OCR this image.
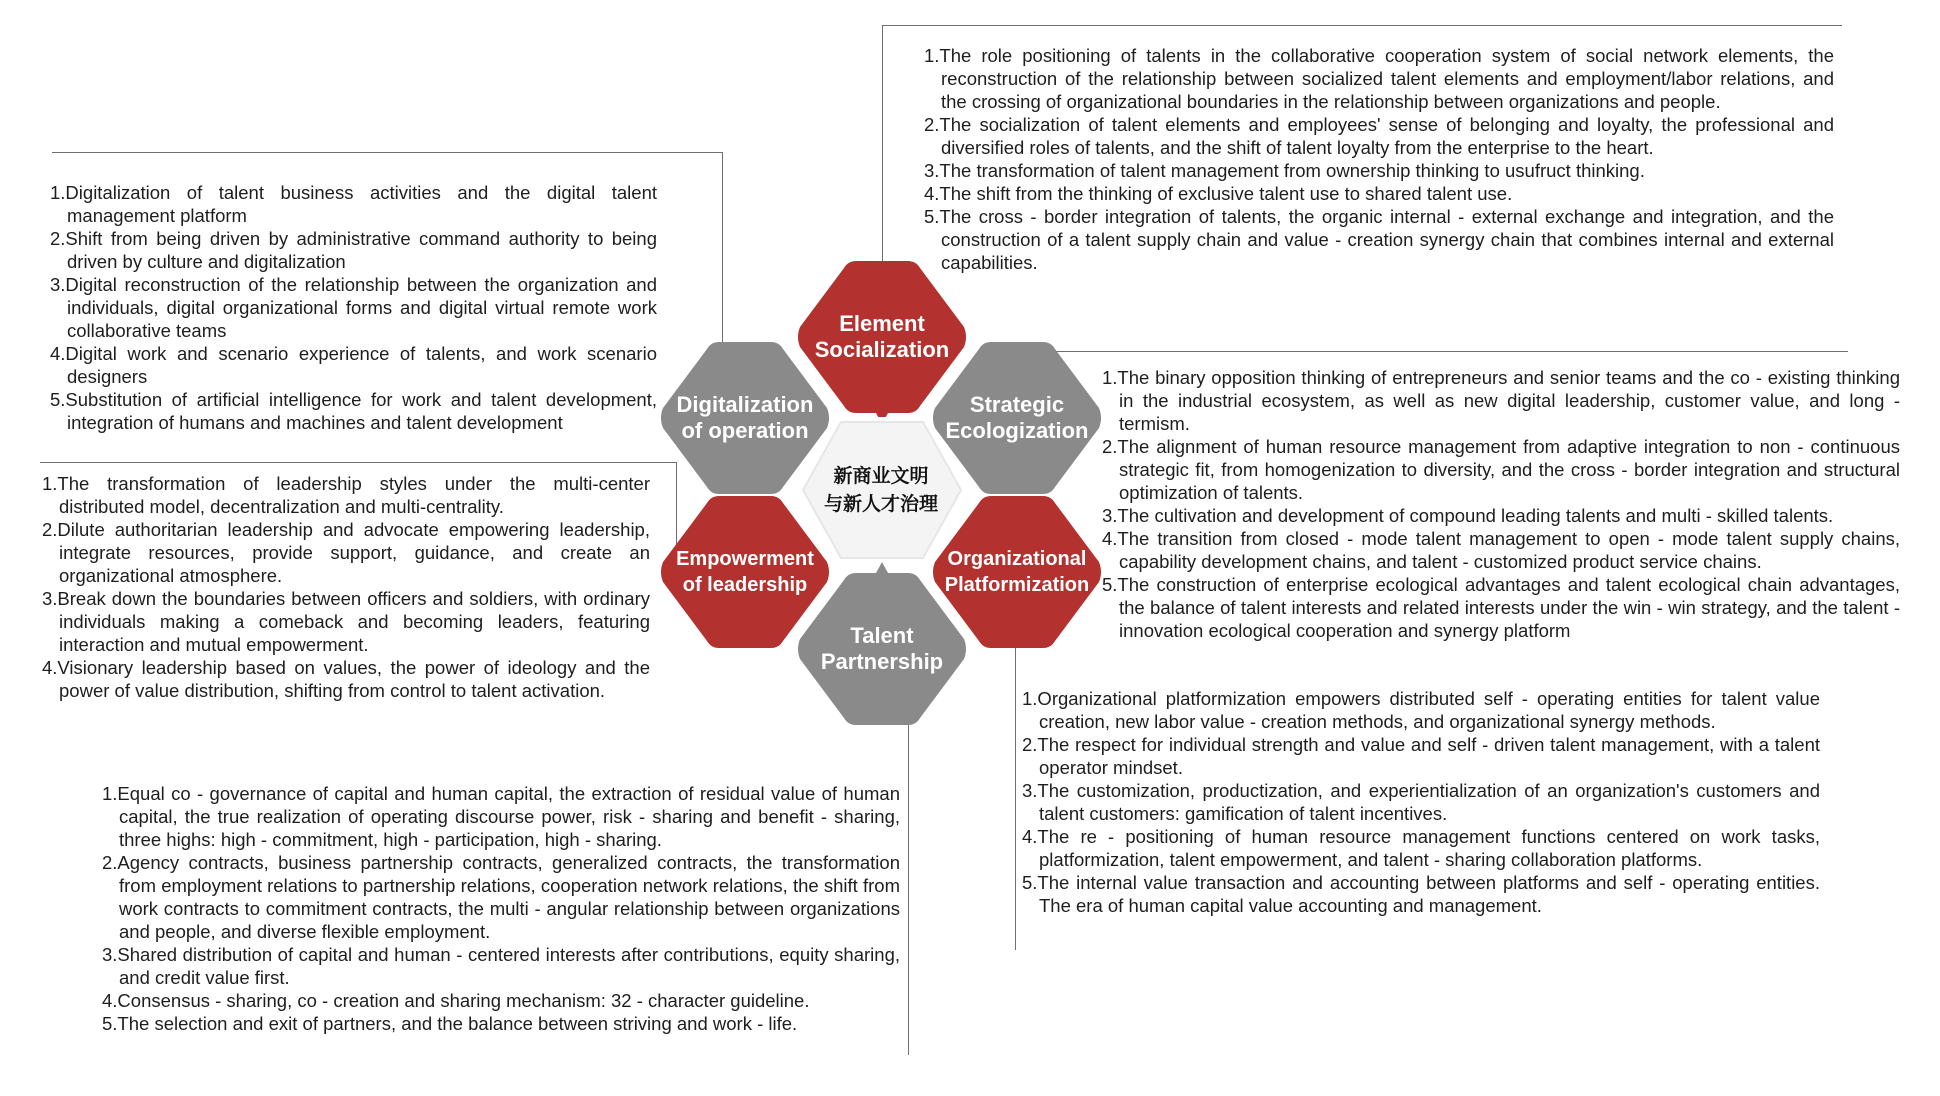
1.The role positioning of talents in the collaborative cooperation system of social network elements, the reconstruction of the relationship between socialized talent elements and employment/labor relations, and the crossing of organizational boundaries in the relationship between organizations and people.
2.The socialization of talent elements and employees' sense of belonging and loyalty, the professional and diversified roles of talents, and the shift of talent loyalty from the enterprise to the heart.
3.The transformation of talent management from ownership thinking to usufruct thinking.
4.The shift from the thinking of exclusive talent use to shared talent use.
5.The cross - border integration of talents, the organic internal - external exchange and integration, and the construction of a talent supply chain and value - creation synergy chain that combines internal and external capabilities.
1.Digitalization of talent business activities and the digital talent management platform
2.Shift from being driven by administrative command authority to being driven by culture and digitalization
3.Digital reconstruction of the relationship between the organization and individuals, digital organizational forms and digital virtual remote work collaborative teams
4.Digital work and scenario experience of talents, and work scenario designers
5.Substitution of artificial intelligence for work and talent development, integration of humans and machines and talent development
1.The binary opposition thinking of entrepreneurs and senior teams and the co - existing thinking in the industrial ecosystem, as well as new digital leadership, customer value, and long - termism.
2.The alignment of human resource management from adaptive integration to non - continuous strategic fit, from homogenization to diversity, and the cross - border integration and structural optimization of talents.
3.The cultivation and development of compound leading talents and multi - skilled talents.
4.The transition from closed - mode talent management to open - mode talent supply chains, capability development chains, and talent - customized product service chains.
5.The construction of enterprise ecological advantages and talent ecological chain advantages, the balance of talent interests and related interests under the win - win strategy, and the talent - innovation ecological cooperation and synergy platform
1.The transformation of leadership styles under the multi-center distributed model, decentralization and multi-centrality.
2.Dilute authoritarian leadership and advocate empowering leadership, integrate resources, provide support, guidance, and create an organizational atmosphere.
3.Break down the boundaries between officers and soldiers, with ordinary individuals making a comeback and becoming leaders, featuring interaction and mutual empowerment.
4.Visionary leadership based on values, the power of ideology and the power of value distribution, shifting from control to talent activation.	1.Organizational platformization empowers distributed self - operating entities for talent value creation, new labor value - creation methods, and organizational synergy methods.
2.The respect for individual strength and value and self - driven talent management, with a talent operator mindset.
3.The customization, productization, and experientialization of an organization's customers and talent customers: gamification of talent incentives.
4.The re - positioning of human resource management functions centered on work tasks, platformization, talent empowerment, and talent - sharing collaboration platforms.
5.The internal value transaction and accounting between platforms and self - operating entities. The era of human capital value accounting and management.
1.Equal co - governance of capital and human capital, the extraction of residual value of human capital, the true realization of operating discourse power, risk - sharing and benefit - sharing, three highs: high - commitment, high - participation, high - sharing.
2.Agency contracts, business partnership contracts, generalized contracts, the transformation from employment relations to partnership relations, cooperation network relations, the shift from work contracts to commitment contracts, the multi - angular relationship between organizations and people, and diverse flexible employment.
3.Shared distribution of capital and human - centered interests after contributions, equity sharing, and credit value first.
4.Consensus - sharing, co - creation and sharing mechanism: 32 - character guideline.
5.The selection and exit of partners, and the balance between striving and work - life.
新商业文明
与新人才治理
Element
Socialization
Strategic
Ecologization
Organizational
Platformization
Talent
Partnership
Empowerment
of leadership
Digitalization
of operation
